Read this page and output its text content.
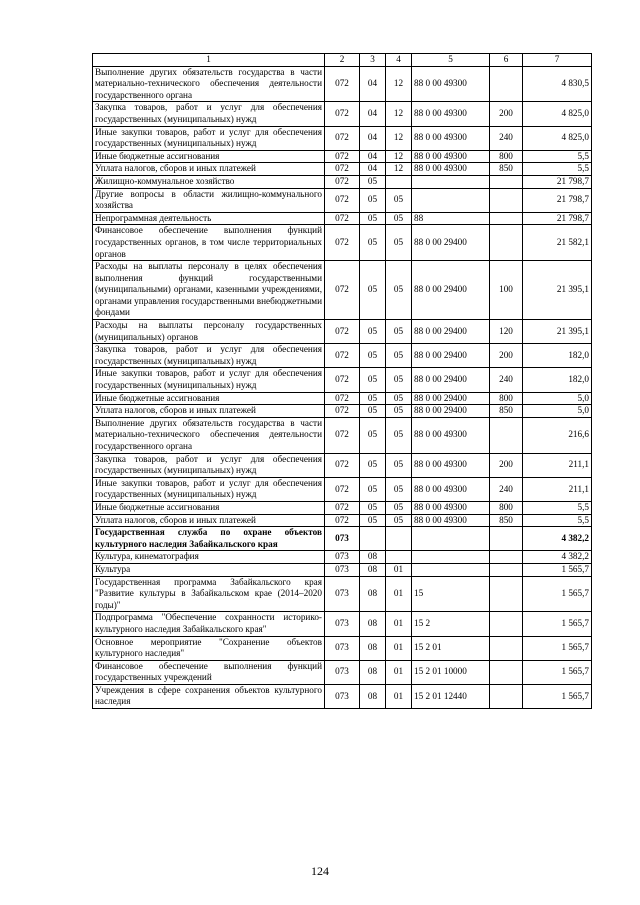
1	2	3	4	5	6	7
Выполнение других обязательств государства в части материально-технического обеспечения деятельности государственного органа	072	04	12	88 0 00 49300		4 830,5
Закупка товаров, работ и услуг для обеспечения государственных (муниципальных) нужд	072	04	12	88 0 00 49300	200	4 825,0
Иные закупки товаров, работ и услуг для обеспечения государственных (муниципальных) нужд	072	04	12	88 0 00 49300	240	4 825,0
Иные бюджетные ассигнования	072	04	12	88 0 00 49300	800	5,5
Уплата налогов, сборов и иных платежей	072	04	12	88 0 00 49300	850	5,5
Жилищно-коммунальное хозяйство	072	05				21 798,7
Другие вопросы в области жилищно-коммунального хозяйства	072	05	05			21 798,7
Непрограммная деятельность	072	05	05	88		21 798,7
Финансовое обеспечение выполнения функций государственных органов, в том числе территориальных органов	072	05	05	88 0 00 29400		21 582,1
Расходы на выплаты персоналу в целях обеспечения выполнения функций государственными (муниципальными) органами, казенными учреждениями, органами управления государственными внебюджетными фондами	072	05	05	88 0 00 29400	100	21 395,1
Расходы на выплаты персоналу государственных (муниципальных) органов	072	05	05	88 0 00 29400	120	21 395,1
Закупка товаров, работ и услуг для обеспечения государственных (муниципальных) нужд	072	05	05	88 0 00 29400	200	182,0
Иные закупки товаров, работ и услуг для обеспечения государственных (муниципальных) нужд	072	05	05	88 0 00 29400	240	182,0
Иные бюджетные ассигнования	072	05	05	88 0 00 29400	800	5,0
Уплата налогов, сборов и иных платежей	072	05	05	88 0 00 29400	850	5,0
Выполнение других обязательств государства в части материально-технического обеспечения деятельности государственного органа	072	05	05	88 0 00 49300		216,6
Закупка товаров, работ и услуг для обеспечения государственных (муниципальных) нужд	072	05	05	88 0 00 49300	200	211,1
Иные закупки товаров, работ и услуг для обеспечения государственных (муниципальных) нужд	072	05	05	88 0 00 49300	240	211,1
Иные бюджетные ассигнования	072	05	05	88 0 00 49300	800	5,5
Уплата налогов, сборов и иных платежей	072	05	05	88 0 00 49300	850	5,5
Государственная служба по охране объектов культурного наследия Забайкальского края	073					4 382,2
Культура, кинематография	073	08				4 382,2
Культура	073	08	01			1 565,7
Государственная программа Забайкальского края "Развитие культуры в Забайкальском крае (2014–2020 годы)"	073	08	01	15		1 565,7
Подпрограмма "Обеспечение сохранности историко-культурного наследия Забайкальского края"	073	08	01	15 2		1 565,7
Основное мероприятие "Сохранение объектов культурного наследия"	073	08	01	15 2 01		1 565,7
Финансовое обеспечение выполнения функций государственных учреждений	073	08	01	15 2 01 10000		1 565,7
Учреждения в сфере сохранения объектов культурного наследия	073	08	01	15 2 01 12440		1 565,7
124
